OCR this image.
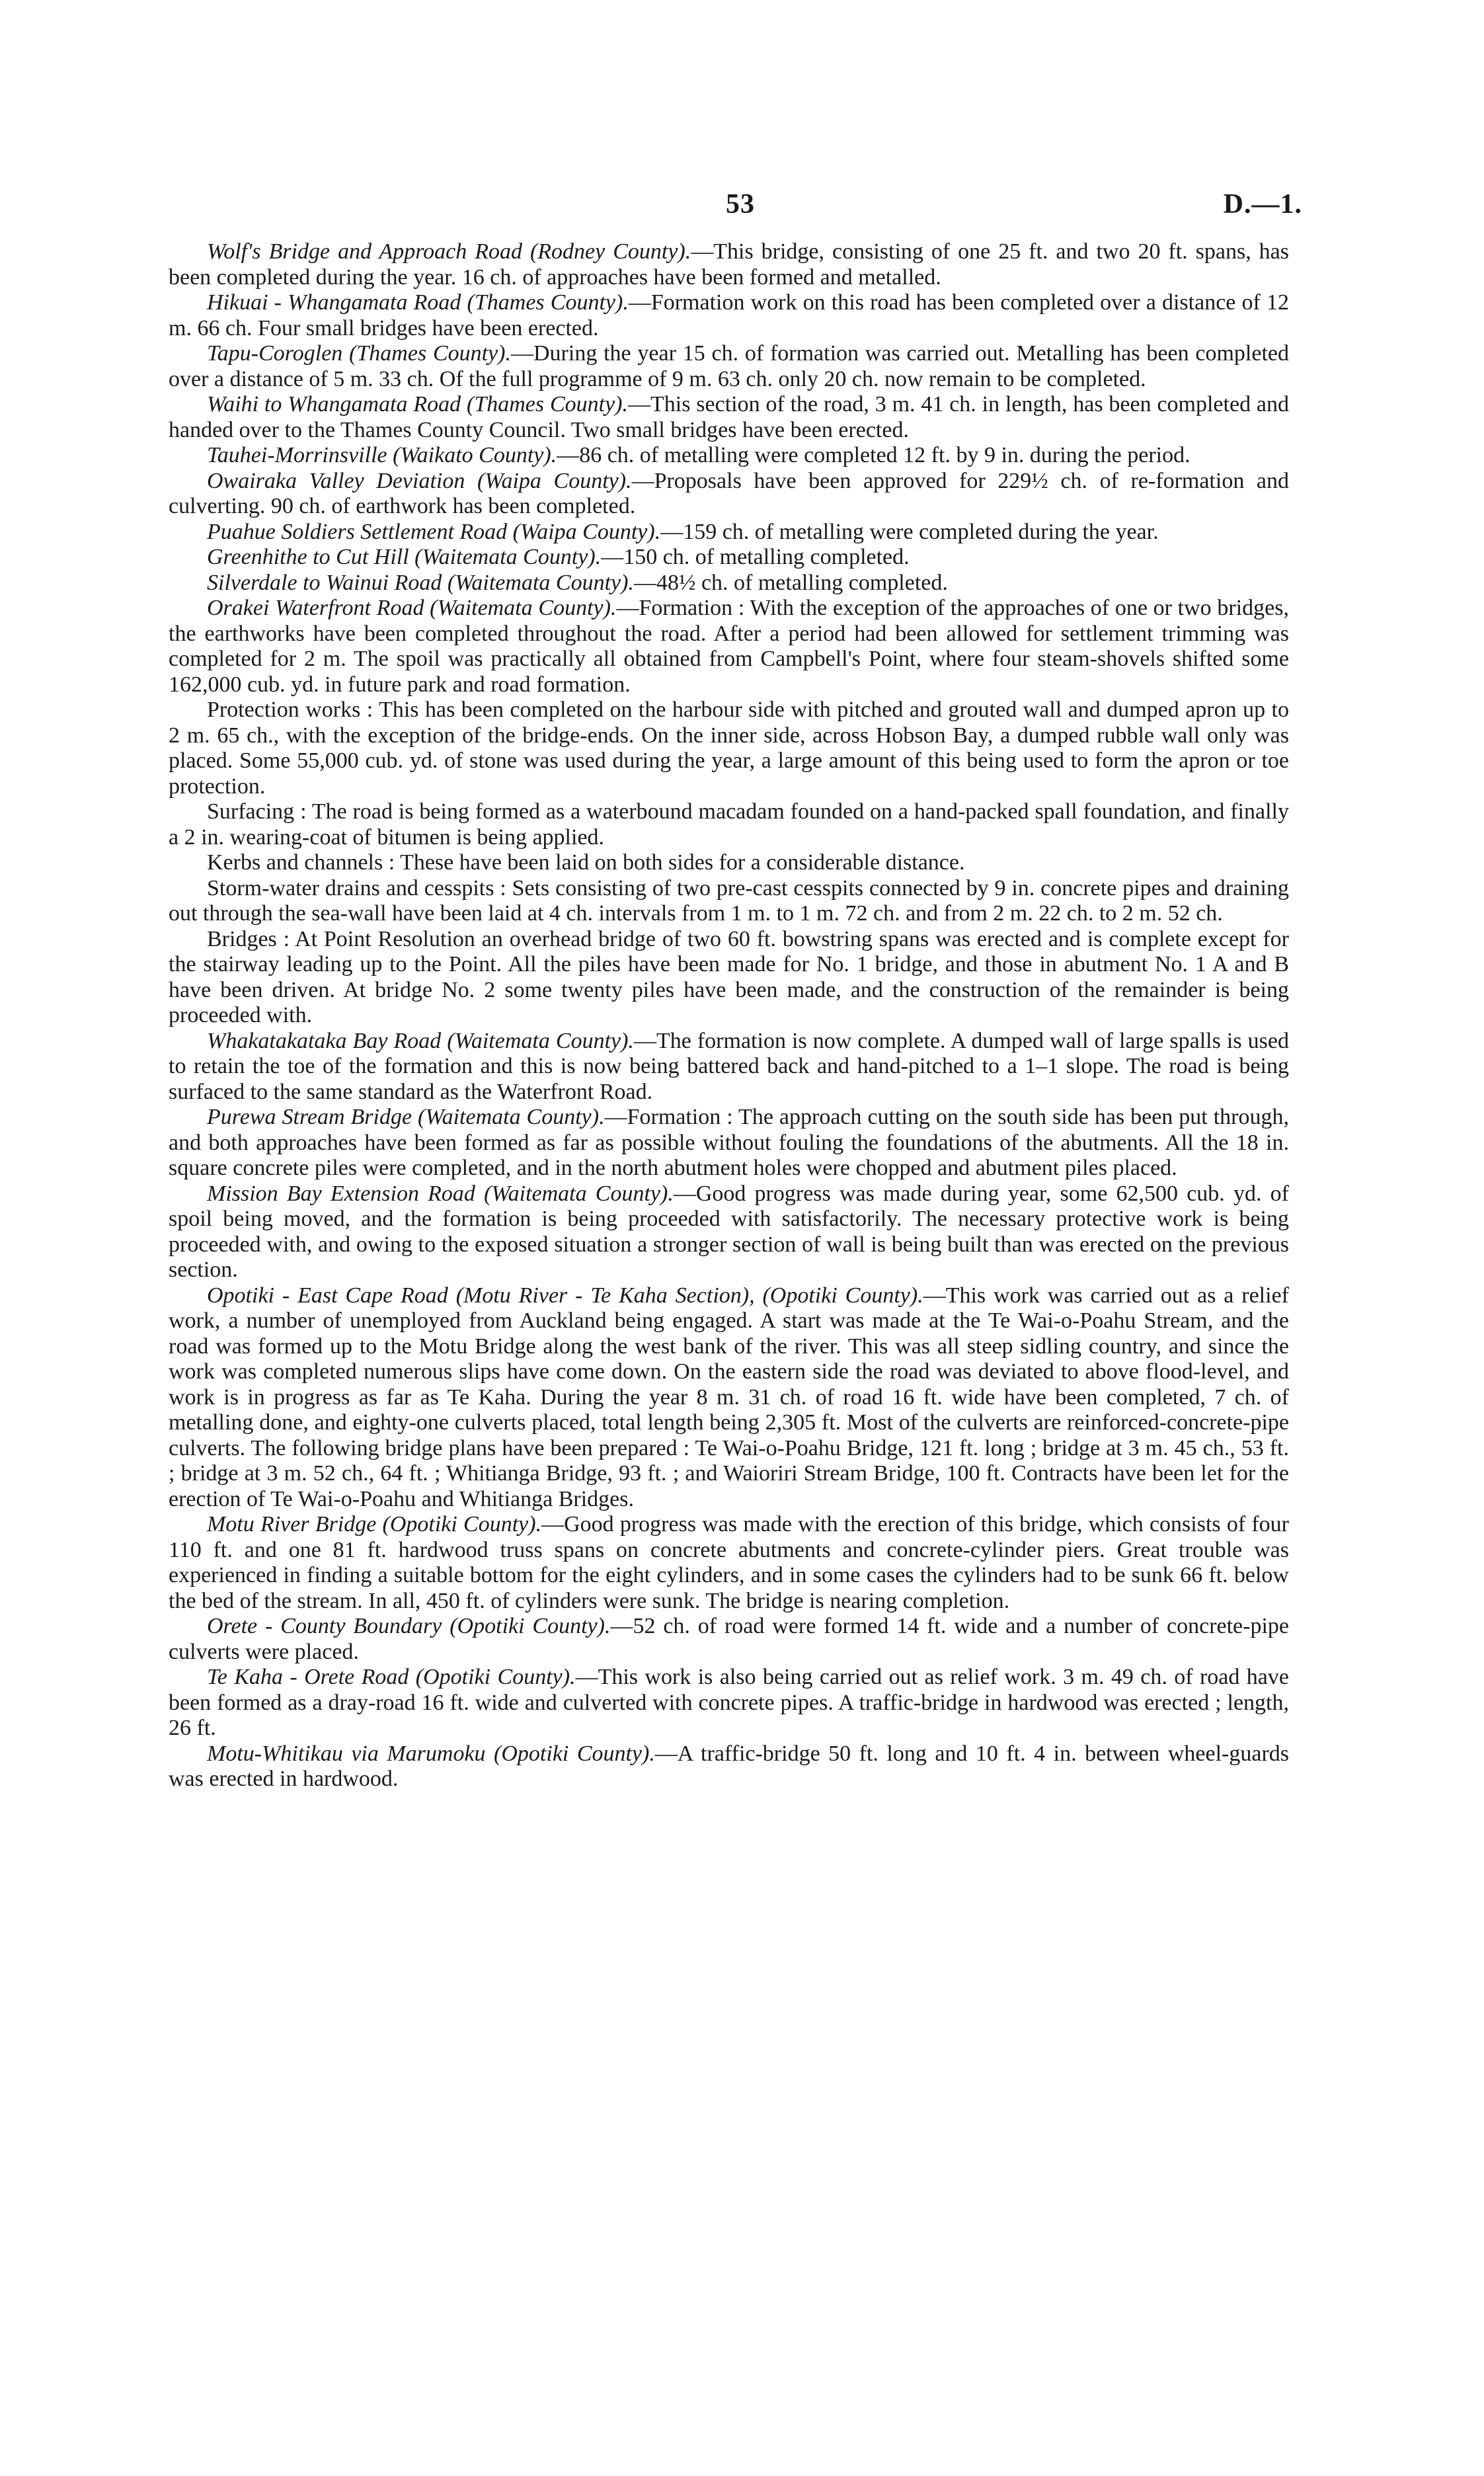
53	D.—1.

Wolf's Bridge and Approach Road (Rodney County).—This bridge, consisting of one 25 ft. and two 20 ft. spans, has been completed during the year. 16 ch. of approaches have been formed and metalled.

Hikuai - Whangamata Road (Thames County).—Formation work on this road has been completed over a distance of 12 m. 66 ch. Four small bridges have been erected.

Tapu-Coroglen (Thames County).—During the year 15 ch. of formation was carried out. Metalling has been completed over a distance of 5 m. 33 ch. Of the full programme of 9 m. 63 ch. only 20 ch. now remain to be completed.

Waihi to Whangamata Road (Thames County).—This section of the road, 3 m. 41 ch. in length, has been completed and handed over to the Thames County Council. Two small bridges have been erected.

Tauhei-Morrinsville (Waikato County).—86 ch. of metalling were completed 12 ft. by 9 in. during the period.

Owairaka Valley Deviation (Waipa County).—Proposals have been approved for 229½ ch. of re-formation and culverting. 90 ch. of earthwork has been completed.

Puahue Soldiers Settlement Road (Waipa County).—159 ch. of metalling were completed during the year.

Greenhithe to Cut Hill (Waitemata County).—150 ch. of metalling completed.

Silverdale to Wainui Road (Waitemata County).—48½ ch. of metalling completed.

Orakei Waterfront Road (Waitemata County).—Formation : With the exception of the approaches of one or two bridges, the earthworks have been completed throughout the road. After a period had been allowed for settlement trimming was completed for 2 m. The spoil was practically all obtained from Campbell's Point, where four steam-shovels shifted some 162,000 cub. yd. in future park and road formation.

Protection works : This has been completed on the harbour side with pitched and grouted wall and dumped apron up to 2 m. 65 ch., with the exception of the bridge-ends. On the inner side, across Hobson Bay, a dumped rubble wall only was placed. Some 55,000 cub. yd. of stone was used during the year, a large amount of this being used to form the apron or toe protection.

Surfacing : The road is being formed as a waterbound macadam founded on a hand-packed spall foundation, and finally a 2 in. wearing-coat of bitumen is being applied.

Kerbs and channels : These have been laid on both sides for a considerable distance.

Storm-water drains and cesspits : Sets consisting of two pre-cast cesspits connected by 9 in. concrete pipes and draining out through the sea-wall have been laid at 4 ch. intervals from 1 m. to 1 m. 72 ch. and from 2 m. 22 ch. to 2 m. 52 ch.

Bridges : At Point Resolution an overhead bridge of two 60 ft. bowstring spans was erected and is complete except for the stairway leading up to the Point. All the piles have been made for No. 1 bridge, and those in abutment No. 1 A and B have been driven. At bridge No. 2 some twenty piles have been made, and the construction of the remainder is being proceeded with.

Whakatakataka Bay Road (Waitemata County).—The formation is now complete. A dumped wall of large spalls is used to retain the toe of the formation and this is now being battered back and hand-pitched to a 1–1 slope. The road is being surfaced to the same standard as the Waterfront Road.

Purewa Stream Bridge (Waitemata County).—Formation : The approach cutting on the south side has been put through, and both approaches have been formed as far as possible without fouling the foundations of the abutments. All the 18 in. square concrete piles were completed, and in the north abutment holes were chopped and abutment piles placed.

Mission Bay Extension Road (Waitemata County).—Good progress was made during year, some 62,500 cub. yd. of spoil being moved, and the formation is being proceeded with satisfactorily. The necessary protective work is being proceeded with, and owing to the exposed situation a stronger section of wall is being built than was erected on the previous section.

Opotiki - East Cape Road (Motu River - Te Kaha Section), (Opotiki County).—This work was carried out as a relief work, a number of unemployed from Auckland being engaged. A start was made at the Te Wai-o-Poahu Stream, and the road was formed up to the Motu Bridge along the west bank of the river. This was all steep sidling country, and since the work was completed numerous slips have come down. On the eastern side the road was deviated to above flood-level, and work is in progress as far as Te Kaha. During the year 8 m. 31 ch. of road 16 ft. wide have been completed, 7 ch. of metalling done, and eighty-one culverts placed, total length being 2,305 ft. Most of the culverts are reinforced-concrete-pipe culverts. The following bridge plans have been prepared : Te Wai-o-Poahu Bridge, 121 ft. long ; bridge at 3 m. 45 ch., 53 ft. ; bridge at 3 m. 52 ch., 64 ft. ; Whitianga Bridge, 93 ft. ; and Waioriri Stream Bridge, 100 ft. Contracts have been let for the erection of Te Wai-o-Poahu and Whitianga Bridges.

Motu River Bridge (Opotiki County).—Good progress was made with the erection of this bridge, which consists of four 110 ft. and one 81 ft. hardwood truss spans on concrete abutments and concrete-cylinder piers. Great trouble was experienced in finding a suitable bottom for the eight cylinders, and in some cases the cylinders had to be sunk 66 ft. below the bed of the stream. In all, 450 ft. of cylinders were sunk. The bridge is nearing completion.

Orete - County Boundary (Opotiki County).—52 ch. of road were formed 14 ft. wide and a number of concrete-pipe culverts were placed.

Te Kaha - Orete Road (Opotiki County).—This work is also being carried out as relief work. 3 m. 49 ch. of road have been formed as a dray-road 16 ft. wide and culverted with concrete pipes. A traffic-bridge in hardwood was erected ; length, 26 ft.

Motu-Whitikau via Marumoku (Opotiki County).—A traffic-bridge 50 ft. long and 10 ft. 4 in. between wheel-guards was erected in hardwood.
